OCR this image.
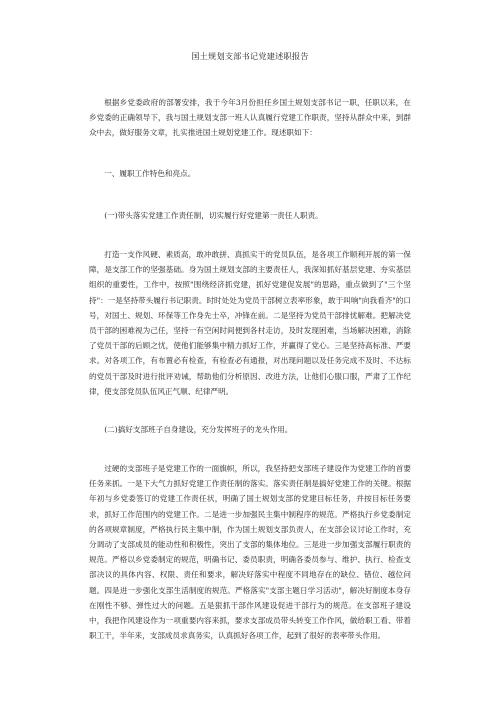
国土规划支部书记党建述职报告

根据乡党委政府的部署安排，我于今年3月份担任乡国土规划支部书记一职，任职以来，在乡党委的正确领导下，我与国土规划支部一班人认真履行党建工作职责，坚持从群众中来，到群众中去，做好服务文章，扎实推进国土规划党建工作。现述职如下：

一、履职工作特色和亮点。

(一)带头落实党建工作责任制，切实履行好党建第一责任人职责。

打造一支作风硬、素质高，敢冲敢拼、真抓实干的党员队伍，是各项工作顺利开展的第一保障，是支部工作的坚强基础。身为国土规划支部的主要责任人，我深知抓好基层党建、夯实基层组织的重要性，工作中，按照"围绕经济抓党建，抓好党建促发展"的思路，重点做到了"三个坚持"：一是坚持带头履行书记职责。时时处处为党员干部树立表率形象，敢于叫响"向我看齐"的口号，对国土、规划、环保等工作身先士卒，冲锋在前。二是坚持为党员干部排忧解难。把解决党员干部的困难视为己任，坚持一有空闲时间便到各村走访，及时发现困难，当场解决困难，消除了党员干部的后顾之忧，使他们能够集中精力抓好工作，并赢得了党心。三是坚持高标准、严要求。对各项工作，有布置必有检查，有检查必有通报，对出现问题以及任务完成不及时、不达标的党员干部及时进行批评劝诫，帮助他们分析原因、改进方法，让他们心服口服，严肃了工作纪律，使支部党员队伍风正气顺、纪律严明。

(二)搞好支部班子自身建设，充分发挥班子的龙头作用。

过硬的支部班子是党建工作的一面旗帜，所以，我坚持把支部班子建设作为党建工作的首要任务来抓。一是下大气力抓好党建工作责任制的落实。落实责任制是搞好党建工作的关键。根据年初与乡党委签订的党建工作责任状，明确了国土规划支部的党建目标任务，并按目标任务要求，抓好工作范围内的党建工作。二是进一步加强民主集中制程序的规范。严格执行乡党委制定的各项规章制度，严格执行民主集中制，作为国土规划支部负责人，在支部会议讨论工作时，充分调动了支部成员的能动性和积极性，突出了支部的集体地位。三是进一步加强支部履行职责的规范。严格以乡党委制定的规范，明确书记、委员职责，明确各委员参与、维护、执行、检查支部决议的具体内容、权限、责任和要求，解决好落实中程度不同地存在的缺位、错位、越位问题。四是进一步强化支部生活制度的规范。严格落实"支部主题日学习活动"，解决好制度本身存在刚性不够、弹性过大的问题。五是狠抓干部作风建设促进干部行为的规范。在支部班子建设中，我把作风建设作为一项重要内容来抓，要求支部成员带头转变工作作风，做给职工看、带着职工干，半年来，支部成员求真务实，认真抓好各项工作，起到了很好的表率带头作用。
